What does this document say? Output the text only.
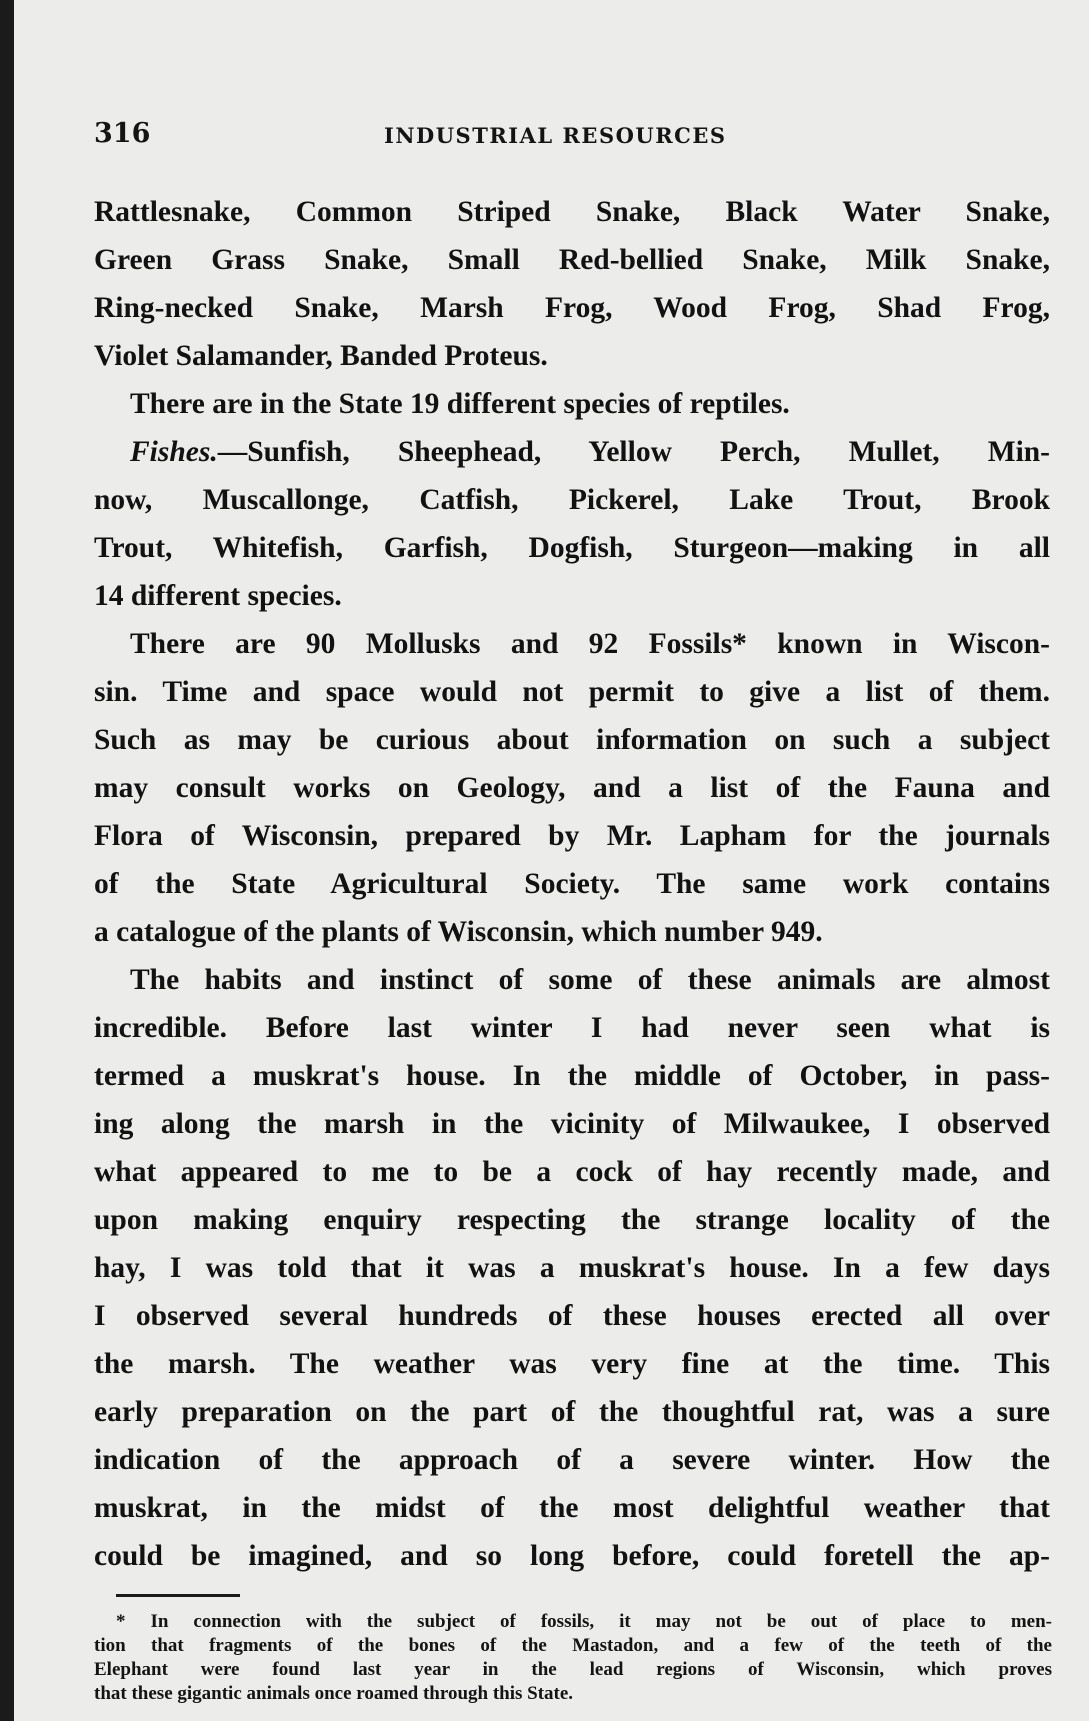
316	INDUSTRIAL RESOURCES
Rattlesnake, Common Striped Snake, Black Water Snake,
Green Grass Snake, Small Red-bellied Snake, Milk Snake,
Ring-necked Snake, Marsh Frog, Wood Frog, Shad Frog,
Violet Salamander, Banded Proteus.
There are in the State 19 different species of reptiles.
Fishes.—Sunfish, Sheephead, Yellow Perch, Mullet, Min-
now, Muscallonge, Catfish, Pickerel, Lake Trout, Brook
Trout, Whitefish, Garfish, Dogfish, Sturgeon—making in all
14 different species.
There are 90 Mollusks and 92 Fossils* known in Wiscon-
sin. Time and space would not permit to give a list of them.
Such as may be curious about information on such a subject
may consult works on Geology, and a list of the Fauna and
Flora of Wisconsin, prepared by Mr. Lapham for the journals
of the State Agricultural Society. The same work contains
a catalogue of the plants of Wisconsin, which number 949.
The habits and instinct of some of these animals are almost
incredible. Before last winter I had never seen what is
termed a muskrat's house. In the middle of October, in pass-
ing along the marsh in the vicinity of Milwaukee, I observed
what appeared to me to be a cock of hay recently made, and
upon making enquiry respecting the strange locality of the
hay, I was told that it was a muskrat's house. In a few days
I observed several hundreds of these houses erected all over
the marsh. The weather was very fine at the time. This
early preparation on the part of the thoughtful rat, was a sure
indication of the approach of a severe winter. How the
muskrat, in the midst of the most delightful weather that
could be imagined, and so long before, could foretell the ap-
* In connection with the subject of fossils, it may not be out of place to men-
tion that fragments of the bones of the Mastadon, and a few of the teeth of the
Elephant were found last year in the lead regions of Wisconsin, which proves
that these gigantic animals once roamed through this State.
